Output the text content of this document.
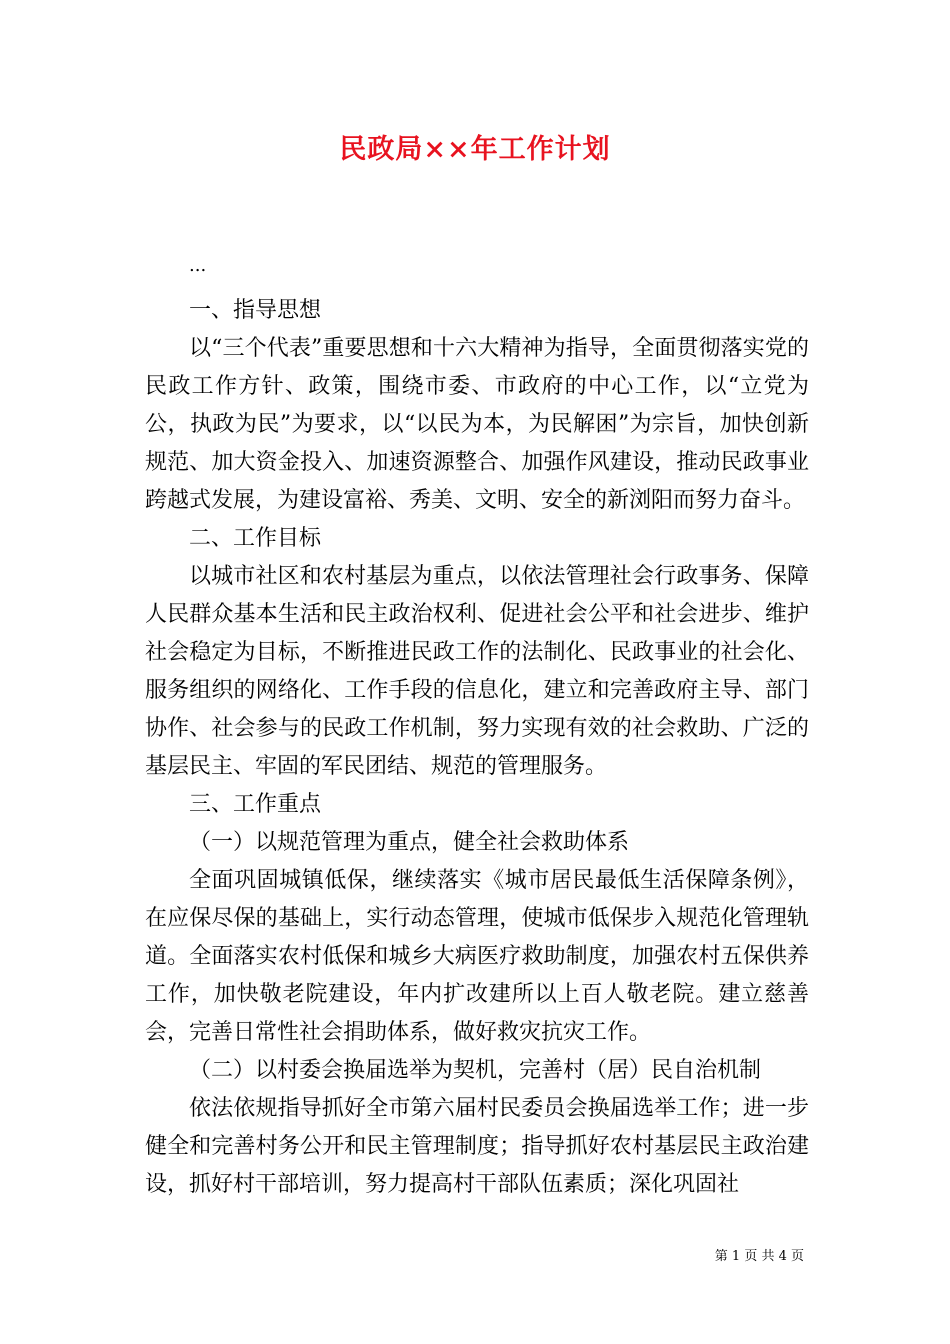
民政局××年工作计划
...

一、指导思想

以“三个代表”重要思想和十六大精神为指导，全面贯彻落实党的民政工作方针、政策，围绕市委、市政府的中心工作，以“立党为公，执政为民”为要求，以“以民为本，为民解困”为宗旨，加快创新规范、加大资金投入、加速资源整合、加强作风建设，推动民政事业跨越式发展，为建设富裕、秀美、文明、安全的新浏阳而努力奋斗。

二、工作目标

以城市社区和农村基层为重点，以依法管理社会行政事务、保障人民群众基本生活和民主政治权利、促进社会公平和社会进步、维护社会稳定为目标，不断推进民政工作的法制化、民政事业的社会化、服务组织的网络化、工作手段的信息化，建立和完善政府主导、部门协作、社会参与的民政工作机制，努力实现有效的社会救助、广泛的基层民主、牢固的军民团结、规范的管理服务。

三、工作重点

（一）以规范管理为重点，健全社会救助体系

全面巩固城镇低保，继续落实《城市居民最低生活保障条例》，在应保尽保的基础上，实行动态管理，使城市低保步入规范化管理轨道。全面落实农村低保和城乡大病医疗救助制度，加强农村五保供养工作，加快敬老院建设，年内扩改建所以上百人敬老院。建立慈善会，完善日常性社会捐助体系，做好救灾抗灾工作。

（二）以村委会换届选举为契机，完善村（居）民自治机制

依法依规指导抓好全市第六届村民委员会换届选举工作；进一步健全和完善村务公开和民主管理制度；指导抓好农村基层民主政治建设，抓好村干部培训，努力提高村干部队伍素质；深化巩固社

第 1 页 共 4 页
